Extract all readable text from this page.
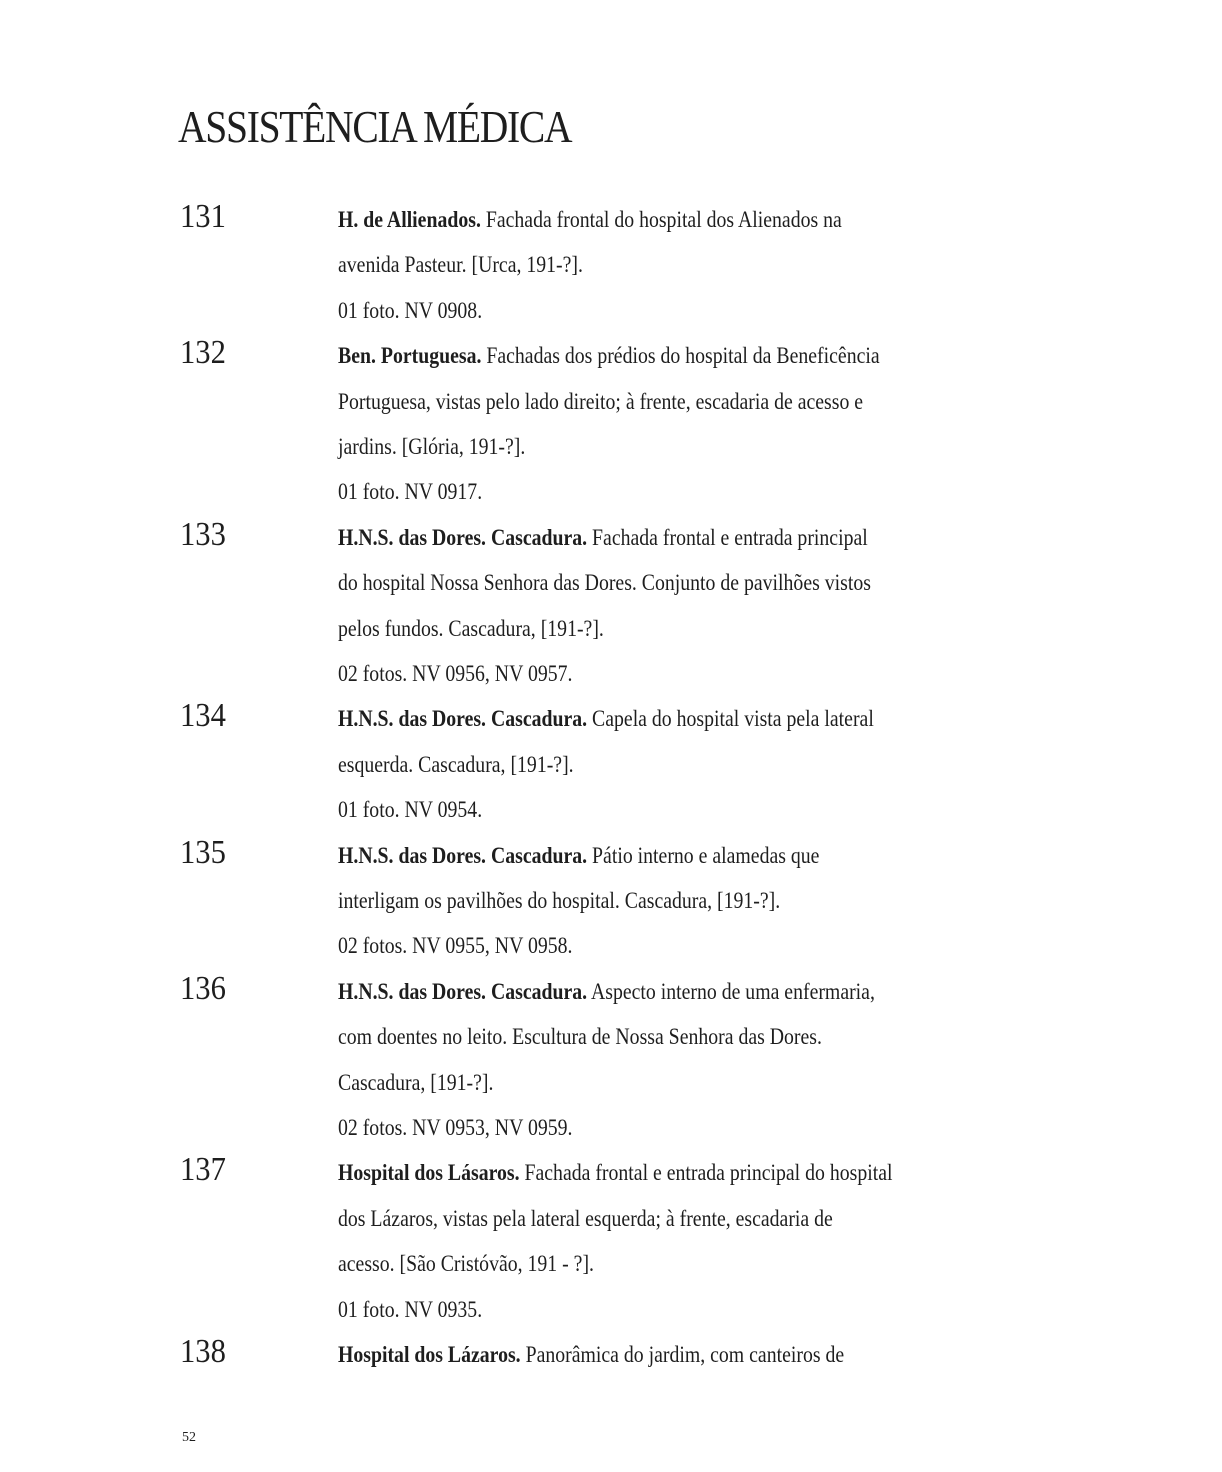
ASSISTÊNCIA MÉDICA
131	H. de Allienados. Fachada frontal do hospital dos Alienados na
avenida Pasteur. [Urca, 191-?].
01 foto. NV 0908.
132	Ben. Portuguesa. Fachadas dos prédios do hospital da Beneficência
Portuguesa, vistas pelo lado direito; à frente, escadaria de acesso e
jardins. [Glória, 191-?].
01 foto. NV 0917.
133	H.N.S. das Dores. Cascadura. Fachada frontal e entrada principal
do hospital Nossa Senhora das Dores. Conjunto de pavilhões vistos
pelos fundos. Cascadura, [191-?].
02 fotos. NV 0956, NV 0957.
134	H.N.S. das Dores. Cascadura. Capela do hospital vista pela lateral
esquerda. Cascadura, [191-?].
01 foto. NV 0954.
135	H.N.S. das Dores. Cascadura. Pátio interno e alamedas que
interligam os pavilhões do hospital. Cascadura, [191-?].
02 fotos. NV 0955, NV 0958.
136	H.N.S. das Dores. Cascadura. Aspecto interno de uma enfermaria,
com doentes no leito. Escultura de Nossa Senhora das Dores.
Cascadura, [191-?].
02 fotos. NV 0953, NV 0959.
137	Hospital dos Lásaros. Fachada frontal e entrada principal do hospital
dos Lázaros, vistas pela lateral esquerda; à frente, escadaria de
acesso. [São Cristóvão, 191 - ?].
01 foto. NV 0935.
138	Hospital dos Lázaros. Panorâmica do jardim, com canteiros de
52
